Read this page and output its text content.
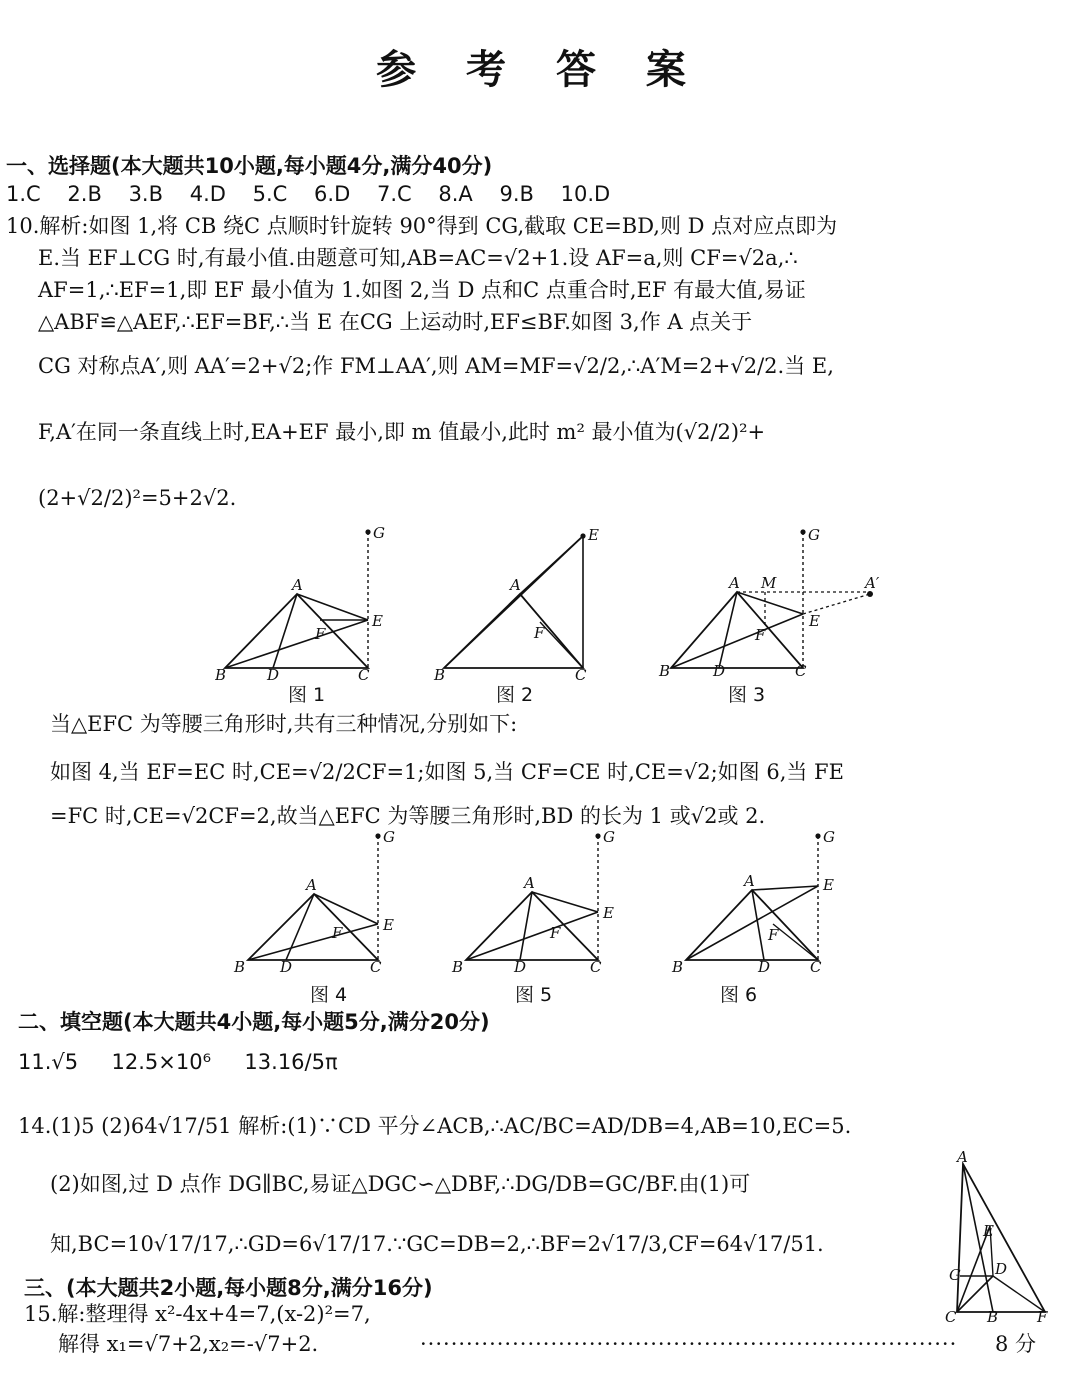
参 考 答 案
一、选择题(本大题共10小题,每小题4分,满分40分)
1.C 2.B 3.B 4.D 5.C 6.D 7.C 8.A 9.B 10.D
10.解析:如图 1,将 CB 绕C 点顺时针旋转 90°得到 CG,截取 CE=BD,则 D 点对应点即为
E.当 EF⊥CG 时,有最小值.由题意可知,AB=AC=√2+1.设 AF=a,则 CF=√2a,∴
AF=1,∴EF=1,即 EF 最小值为 1.如图 2,当 D 点和C 点重合时,EF 有最大值,易证
△ABF≌△AEF,∴EF=BF,∴当 E 在CG 上运动时,EF≤BF.如图 3,作 A 点关于
CG 对称点A′,则 AA′=2+√2;作 FM⊥AA′,则 AM=MF=√2/2,∴A′M=2+√2/2.当 E,
F,A′在同一条直线上时,EA+EF 最小,即 m 值最小,此时 m² 最小值为(√2/2)²+
(2+√2/2)²=5+2√2.
A
B	D	C
E
F
G
A
B	C
E
F
A M	A′
B	D	C
E
F
G
图 1	图 2	图 3
当△EFC 为等腰三角形时,共有三种情况,分别如下:
如图 4,当 EF=EC 时,CE=√2/2CF=1;如图 5,当 CF=CE 时,CE=√2;如图 6,当 FE
=FC 时,CE=√2CF=2,故当△EFC 为等腰三角形时,BD 的长为 1 或√2或 2.
A
B D	C
E
F
G
A
B	D	C
E
F
G
A
B	D	C
E
F
G
图 4	图 5	图 6
二、填空题(本大题共4小题,每小题5分,满分20分)
11.√5 12.5×10⁶ 13.16/5π
14.(1)5 (2)64√17/51 解析:(1)∵CD 平分∠ACB,∴AC/BC=AD/DB=4,AB=10,EC=5.
(2)如图,过 D 点作 DG∥BC,易证△DGC∽△DBF,∴DG/DB=GC/BF.由(1)可
知,BC=10√17/17,∴GD=6√17/17.∵GC=DB=2,∴BF=2√17/3,CF=64√17/51.
A
E
D
G
C B	F
三、(本大题共2小题,每小题8分,满分16分)
15.解:整理得 x²-4x+4=7,(x-2)²=7,
解得 x₁=√7+2,x₂=-√7+2.	······································································	8 分
